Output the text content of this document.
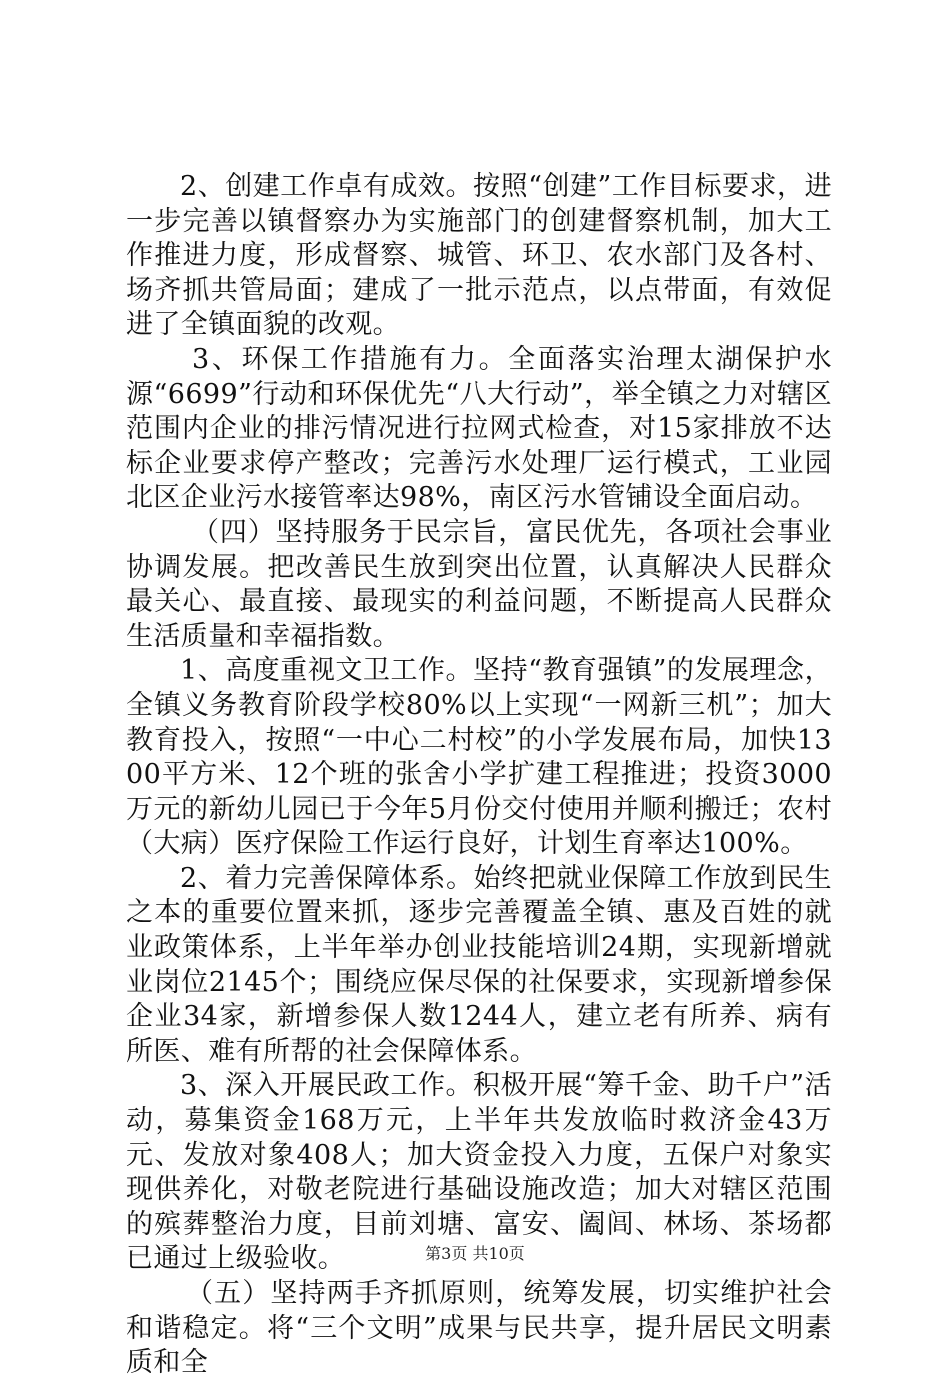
2、创建工作卓有成效。按照“创建”工作目标要求，进一步完善以镇督察办为实施部门的创建督察机制，加大工作推进力度，形成督察、城管、环卫、农水部门及各村、场齐抓共管局面；建成了一批示范点，以点带面，有效促进了全镇面貌的改观。

3、环保工作措施有力。全面落实治理太湖保护水源“6699”行动和环保优先“八大行动”，举全镇之力对辖区范围内企业的排污情况进行拉网式检查，对15家排放不达标企业要求停产整改；完善污水处理厂运行模式，工业园北区企业污水接管率达98%，南区污水管铺设全面启动。

（四）坚持服务于民宗旨，富民优先，各项社会事业协调发展。把改善民生放到突出位置，认真解决人民群众最关心、最直接、最现实的利益问题，不断提高人民群众生活质量和幸福指数。

1、高度重视文卫工作。坚持“教育强镇”的发展理念，全镇义务教育阶段学校80%以上实现“一网新三机”；加大教育投入，按照“一中心二村校”的小学发展布局，加快1300平方米、12个班的张舍小学扩建工程推进；投资3000万元的新幼儿园已于今年5月份交付使用并顺利搬迁；农村（大病）医疗保险工作运行良好，计划生育率达100%。

2、着力完善保障体系。始终把就业保障工作放到民生之本的重要位置来抓，逐步完善覆盖全镇、惠及百姓的就业政策体系，上半年举办创业技能培训24期，实现新增就业岗位2145个；围绕应保尽保的社保要求，实现新增参保企业34家，新增参保人数1244人，建立老有所养、病有所医、难有所帮的社会保障体系。

3、深入开展民政工作。积极开展“筹千金、助千户”活动，募集资金168万元，上半年共发放临时救济金43万元、发放对象408人；加大资金投入力度，五保户对象实现供养化，对敬老院进行基础设施改造；加大对辖区范围的殡葬整治力度，目前刘塘、富安、阖闾、林场、茶场都已通过上级验收。

（五）坚持两手齐抓原则，统筹发展，切实维护社会和谐稳定。将“三个文明”成果与民共享，提升居民文明素质和全

第3页 共10页
